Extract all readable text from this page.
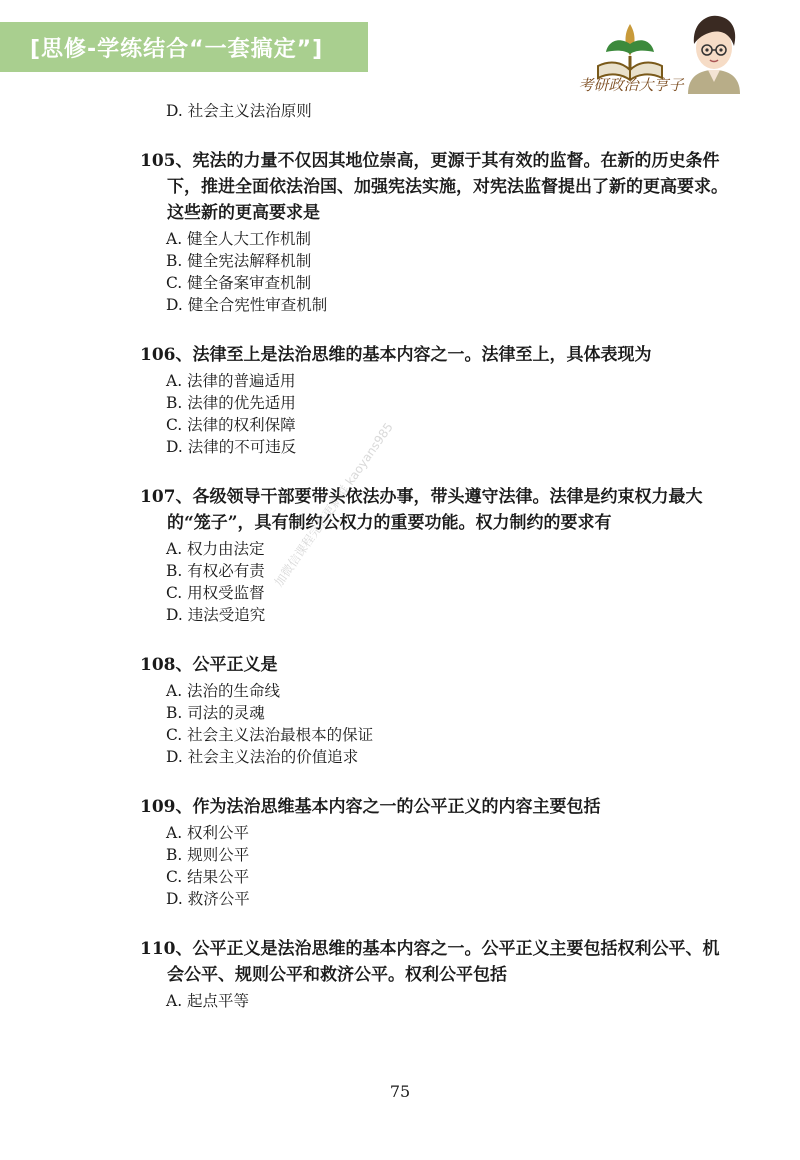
[思修-学练结合“一套搞定”]
考研政治大亨子
D. 社会主义法治原则
105、宪法的力量不仅因其地位崇高，更源于其有效的监督。在新的历史条件下，推进全面依法治国、加强宪法实施，对宪法监督提出了新的更高要求。这些新的更高要求是
A. 健全人大工作机制
B. 健全宪法解释机制
C. 健全备案审查机制
D. 健全合宪性审查机制
106、法律至上是法治思维的基本内容之一。法律至上，具体表现为
A. 法律的普遍适用
B. 法律的优先适用
C. 法律的权利保障
D. 法律的不可违反
107、各级领导干部要带头依法办事，带头遵守法律。法律是约束权力最大的“笼子”，具有制约公权力的重要功能。权力制约的要求有
A. 权力由法定
B. 有权必有责
C. 用权受监督
D. 违法受追究
108、公平正义是
A. 法治的生命线
B. 司法的灵魂
C. 社会主义法治最根本的保证
D. 社会主义法治的价值追求
109、作为法治思维基本内容之一的公平正义的内容主要包括
A. 权利公平
B. 规则公平
C. 结果公平
D. 救济公平
110、公平正义是法治思维的基本内容之一。公平正义主要包括权利公平、机会公平、规则公平和救济公平。权利公平包括
A. 起点平等
加微信课程完整更新群 kaoyans985
75
